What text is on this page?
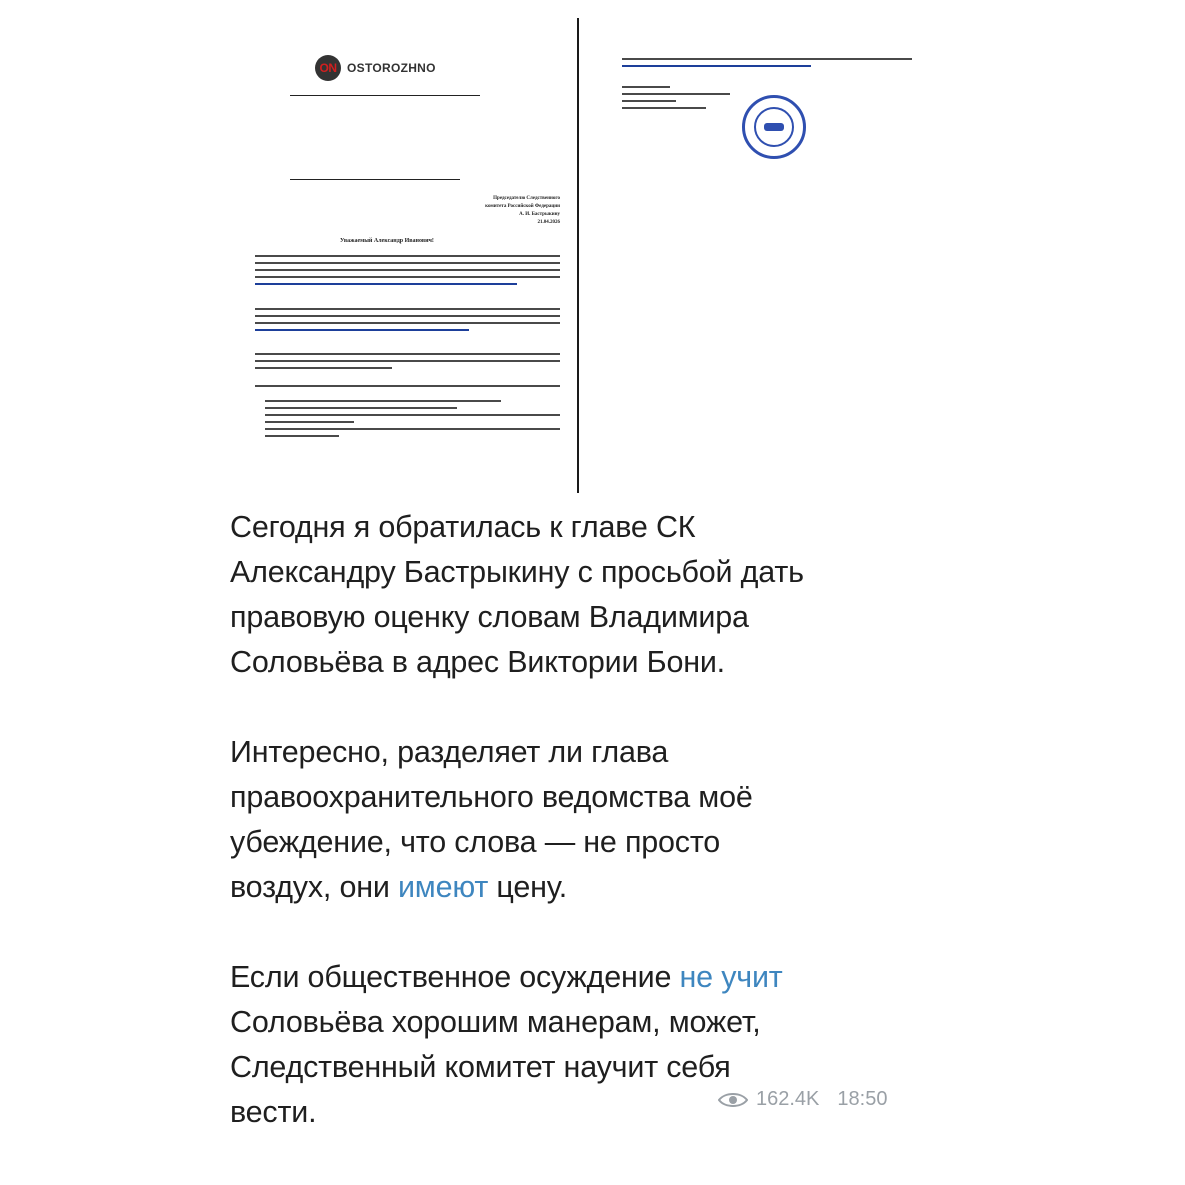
ON OSTOROZHNO
Председателю Следственного
комитета Российской Федерации
А. И. Бастрыкину
21.04.2026
Уважаемый Александр Иванович!

Сегодня я обратилась к главе СК

Александру Бастрыкину с просьбой дать

правовую оценку словам Владимира

Соловьёва в адрес Виктории Бони.

Интересно, разделяет ли глава

правоохранительного ведомства моё

убеждение, что слова — не просто

воздух, они имеют цену.

Если общественное осуждение не учит

Соловьёва хорошим манерам, может,

Следственный комитет научит себя

вести.	162.4K 18:50
